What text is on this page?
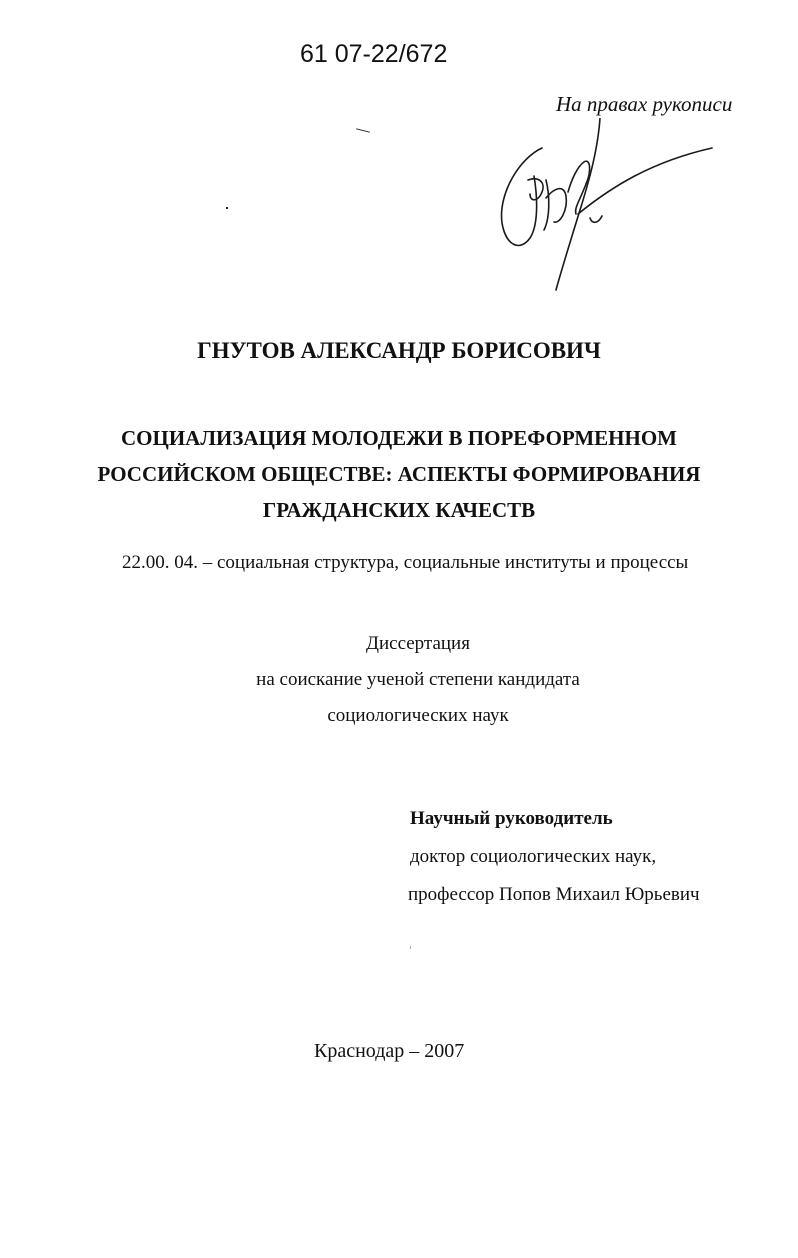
61 07-22/672
На правах рукописи
ГНУТОВ АЛЕКСАНДР БОРИСОВИЧ
СОЦИАЛИЗАЦИЯ МОЛОДЕЖИ В ПОРЕФОРМЕННОМ
РОССИЙСКОМ ОБЩЕСТВЕ: АСПЕКТЫ ФОРМИРОВАНИЯ
ГРАЖДАНСКИХ КАЧЕСТВ
22.00. 04. – социальная структура, социальные институты и процессы
Диссертация
на соискание ученой степени кандидата
социологических наук
Научный руководитель
доктор социологических наук,
профессор Попов Михаил Юрьевич
Краснодар – 2007
